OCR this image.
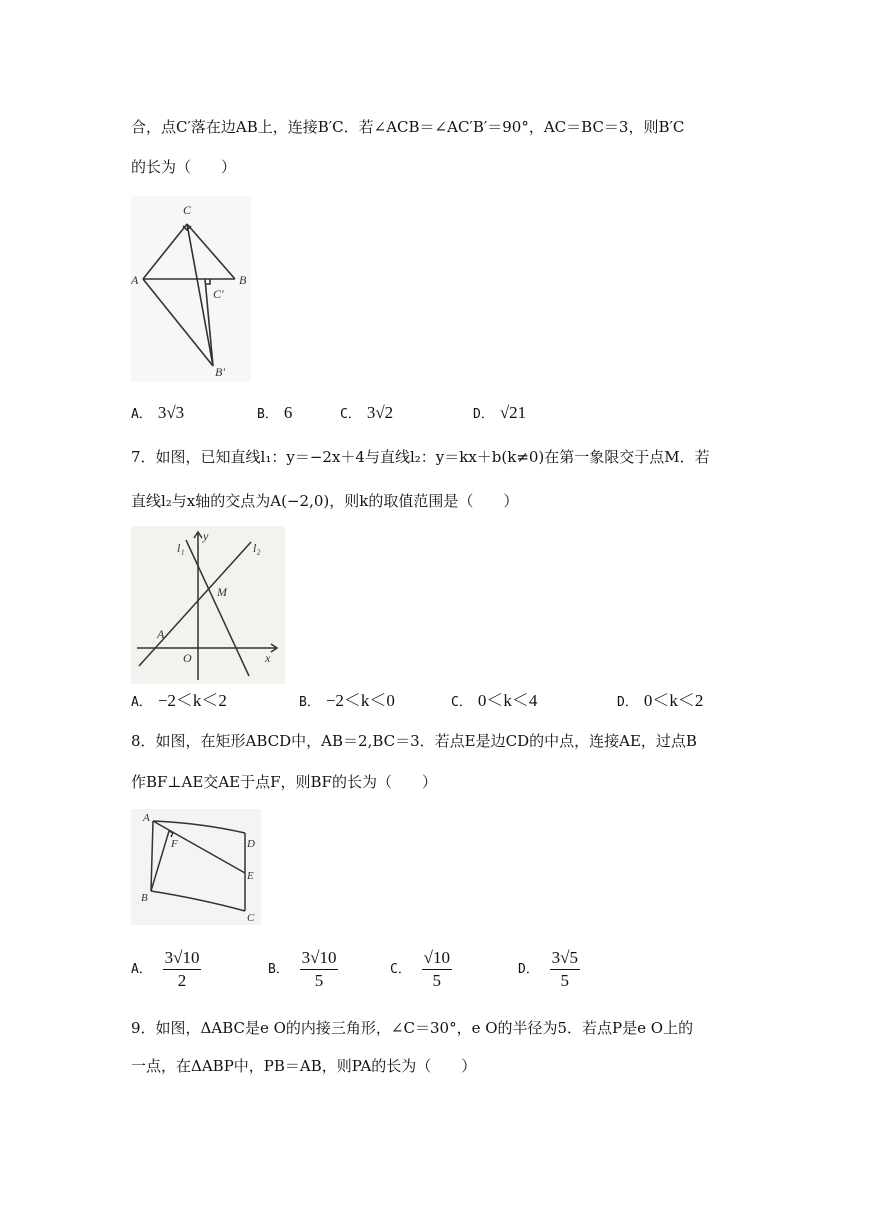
合，点C′落在边AB上，连接B′C．若∠ACB＝∠AC′B′＝90°，AC＝BC＝3，则B′C
的长为（　　）
C
A	B
C'
B'
A． 3√3	B． 6	C． 3√2	D． √21
7．如图，已知直线l₁：y＝−2x＋4与直线l₂：y＝kx＋b(k≠0)在第一象限交于点M．若
直线l₂与x轴的交点为A(−2,0)，则k的取值范围是（　　）
l₁
y
l₂
M
A
O	x
A． −2＜k＜2	B． −2＜k＜0	C． 0＜k＜4	D． 0＜k＜2
8．如图，在矩形ABCD中，AB＝2,BC＝3．若点E是边CD的中点，连接AE，过点B
作BF⊥AE交AE于点F，则BF的长为（　　）
A
F	D
E
B
C
A． $\frac{3√10}{2}$	B． $\frac{3√10}{5}$	C． $\frac{√10}{5}$	D． $\frac{3√5}{5}$
9．如图，ΔABC是e O的内接三角形，∠C＝30°，e O的半径为5．若点P是e O上的
一点，在ΔABP中，PB＝AB，则PA的长为（　　）
